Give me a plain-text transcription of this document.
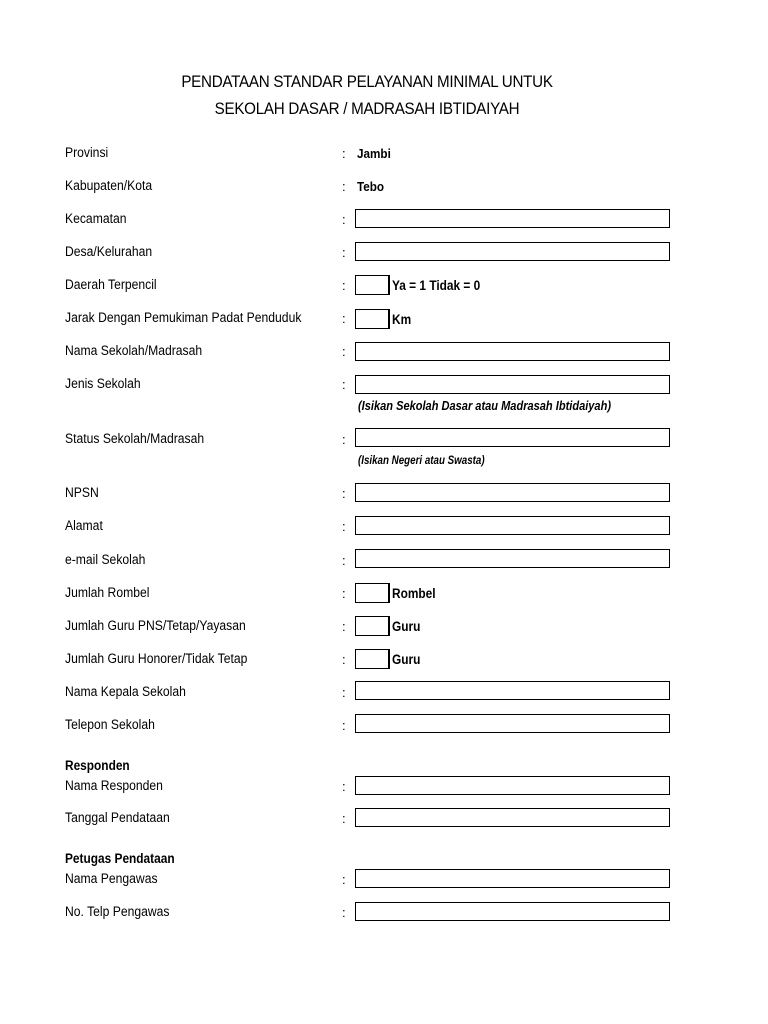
PENDATAAN STANDAR PELAYANAN MINIMAL UNTUK
SEKOLAH DASAR / MADRASAH IBTIDAIYAH
Provinsi	: Jambi
Kabupaten/Kota	: Tebo
Kecamatan	:
Desa/Kelurahan	:
Daerah Terpencil	:	Ya = 1 Tidak = 0
Jarak Dengan Pemukiman Padat Penduduk	:	Km
Nama Sekolah/Madrasah	:
Jenis Sekolah	:
(Isikan Sekolah Dasar atau Madrasah Ibtidaiyah)
Status Sekolah/Madrasah	:
(Isikan Negeri atau Swasta)
NPSN	:
Alamat	:
e-mail Sekolah	:
Jumlah Rombel	:	Rombel
Jumlah Guru PNS/Tetap/Yayasan	:	Guru
Jumlah Guru Honorer/Tidak Tetap	:	Guru
Nama Kepala Sekolah	:
Telepon Sekolah	:
Responden
Nama Responden	:
Tanggal Pendataan	:
Petugas Pendataan
Nama Pengawas	:
No. Telp Pengawas	:
